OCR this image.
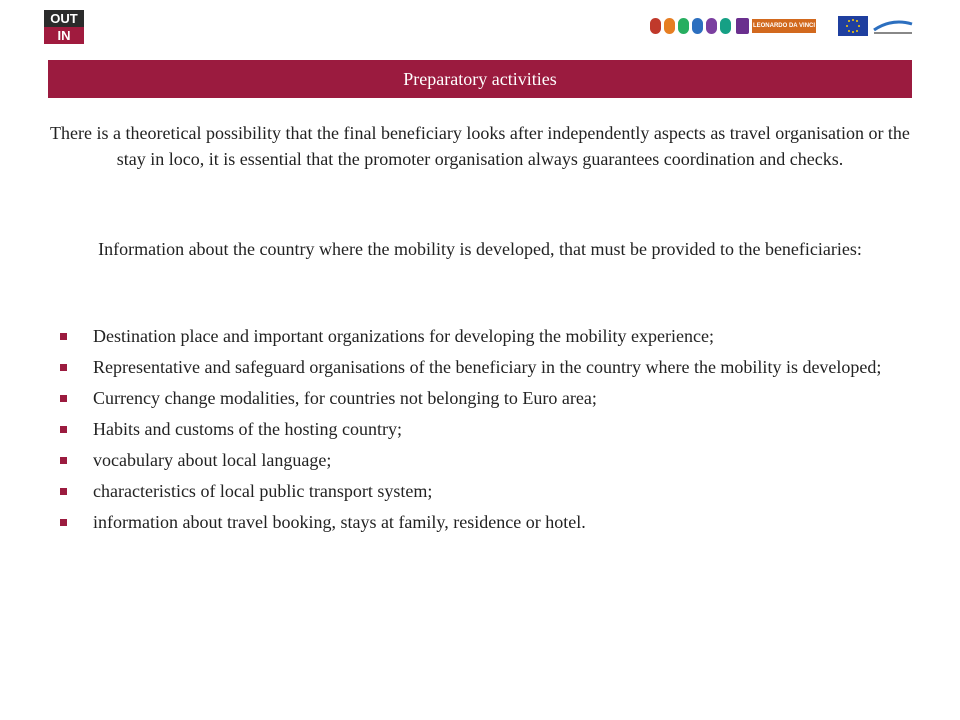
OUT
IN
LEONARDO DA VINCI
Preparatory activities
There is a theoretical possibility that the final beneficiary looks after independently aspects as travel organisation or the stay in loco, it is essential that the promoter organisation always guarantees coordination and checks.
Information about the country where the mobility is developed, that must be provided to the beneficiaries:
Destination place and important organizations for developing the mobility experience;
Representative and safeguard organisations of the beneficiary in the country where the mobility is developed;
Currency change modalities, for countries not belonging to Euro area;
Habits and customs of the hosting country;
vocabulary about local language;
characteristics of local public transport system;
information about travel booking, stays at family, residence or hotel.
